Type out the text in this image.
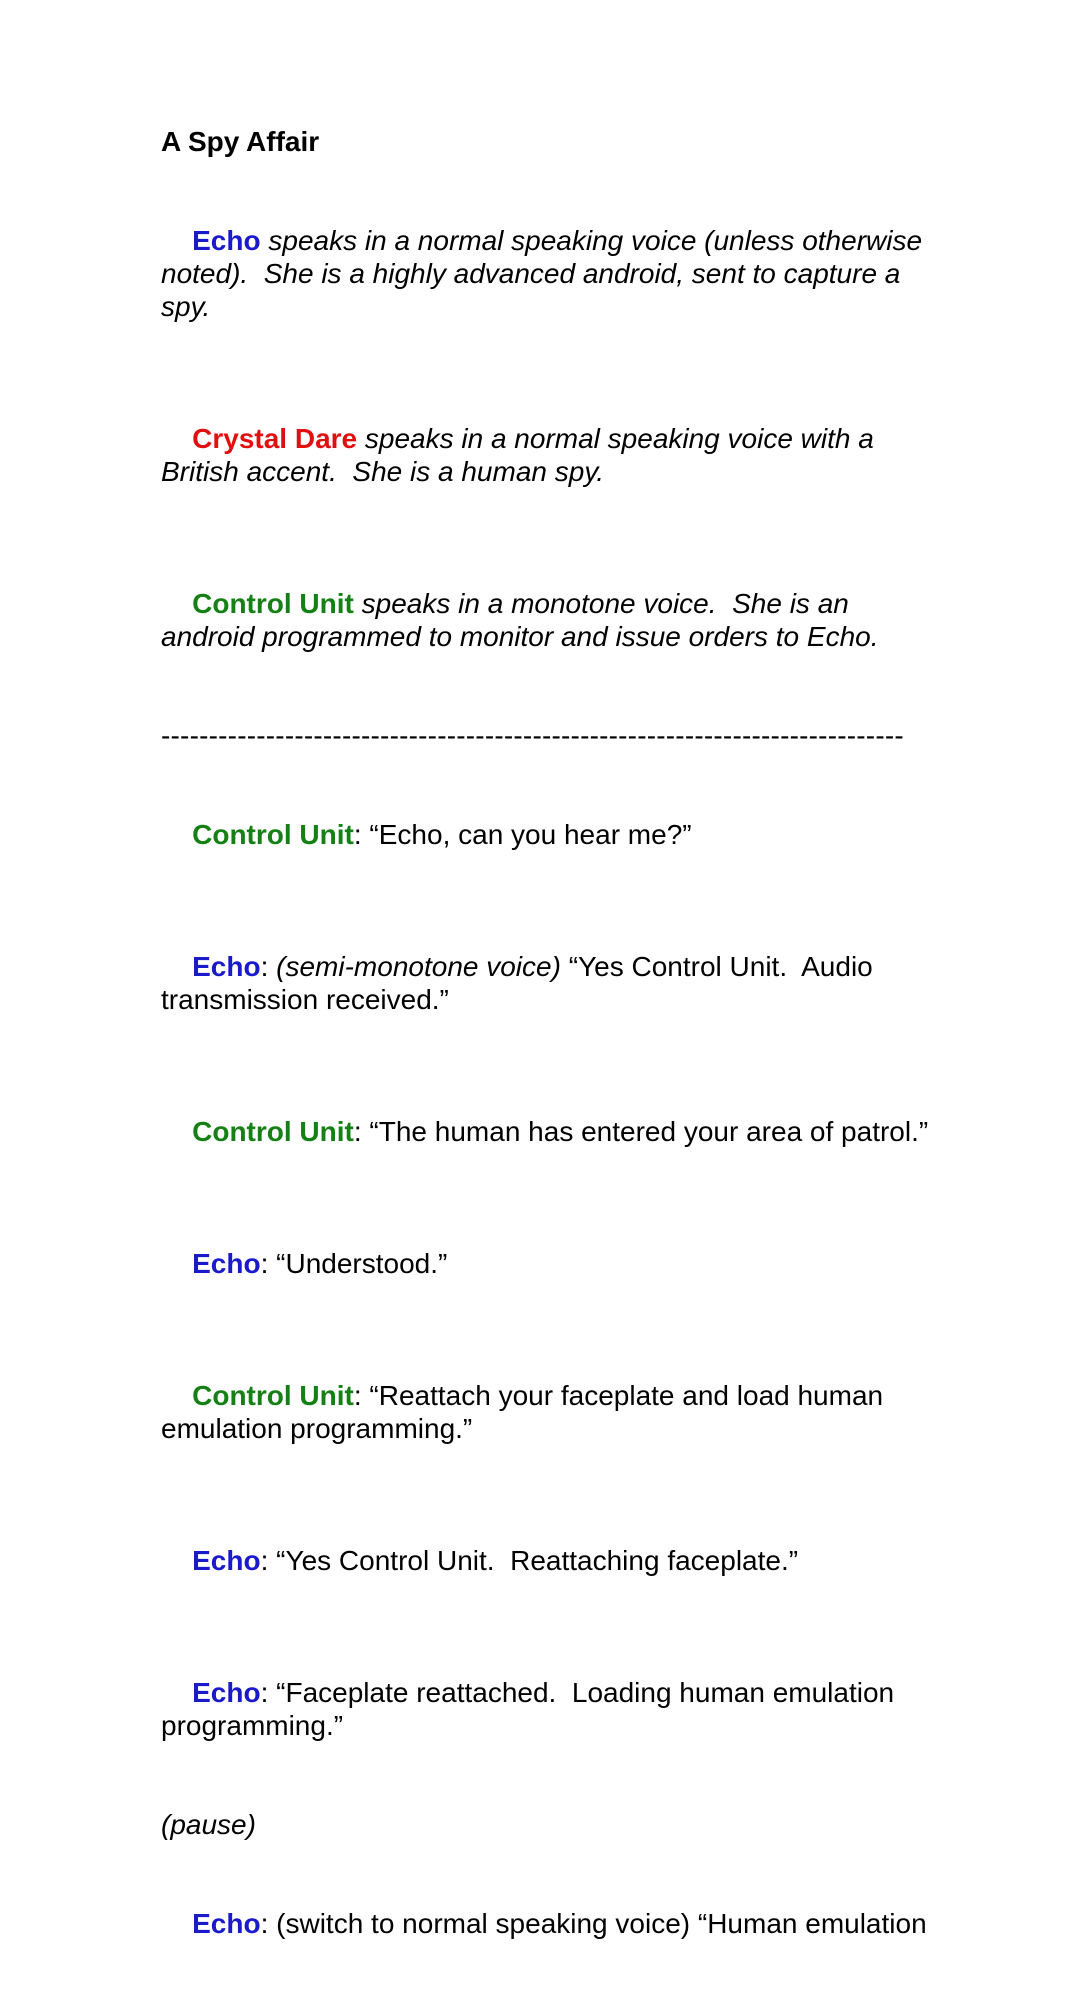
A Spy Affair

Echo speaks in a normal speaking voice (unless otherwise
noted).  She is a highly advanced android, sent to capture a
spy.

Crystal Dare speaks in a normal speaking voice with a
British accent.  She is a human spy.

Control Unit speaks in a monotone voice.  She is an
android programmed to monitor and issue orders to Echo.

------------------------------------------------------------------------------

Control Unit: “Echo, can you hear me?”

Echo: (semi-monotone voice) “Yes Control Unit.  Audio
transmission received.”

Control Unit: “The human has entered your area of patrol.”

Echo: “Understood.”

Control Unit: “Reattach your faceplate and load human
emulation programming.”

Echo: “Yes Control Unit.  Reattaching faceplate.”

Echo: “Faceplate reattached.  Loading human emulation
programming.”

(pause)

Echo: (switch to normal speaking voice) “Human emulation
